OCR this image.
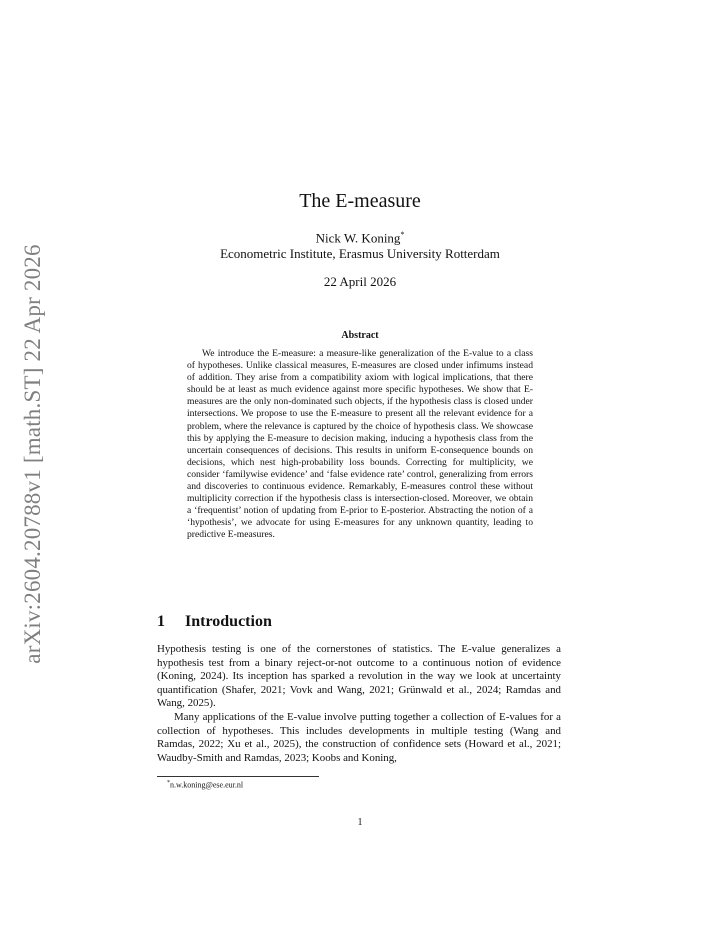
arXiv:2604.20788v1 [math.ST] 22 Apr 2026
The E-measure
Nick W. Koning*
Econometric Institute, Erasmus University Rotterdam
22 April 2026
Abstract

We introduce the E-measure: a measure-like generalization of the E-value to a class of hypotheses. Unlike classical measures, E-measures are closed under infimums instead of addition. They arise from a compatibility axiom with logical implications, that there should be at least as much evidence against more specific hypotheses. We show that E-measures are the only non-dominated such objects, if the hypothesis class is closed under intersections. We propose to use the E-measure to present all the relevant evidence for a problem, where the relevance is captured by the choice of hypothesis class. We showcase this by applying the E-measure to decision making, inducing a hypothesis class from the uncertain consequences of decisions. This results in uniform E-consequence bounds on decisions, which nest high-probability loss bounds. Correcting for multiplicity, we consider ‘familywise evidence’ and ‘false evidence rate’ control, generalizing from errors and discoveries to continuous evidence. Remarkably, E-measures control these without multiplicity correction if the hypothesis class is intersection-closed. Moreover, we obtain a ‘frequentist’ notion of updating from E-prior to E-posterior. Abstracting the notion of a ‘hypothesis’, we advocate for using E-measures for any unknown quantity, leading to predictive E-measures.

1 Introduction

Hypothesis testing is one of the cornerstones of statistics. The E-value generalizes a hypothesis test from a binary reject-or-not outcome to a continuous notion of evidence (Koning, 2024). Its inception has sparked a revolution in the way we look at uncertainty quantification (Shafer, 2021; Vovk and Wang, 2021; Grünwald et al., 2024; Ramdas and Wang, 2025).

Many applications of the E-value involve putting together a collection of E-values for a collection of hypotheses. This includes developments in multiple testing (Wang and Ramdas, 2022; Xu et al., 2025), the construction of confidence sets (Howard et al., 2021; Waudby-Smith and Ramdas, 2023; Koobs and Koning,

*n.w.koning@ese.eur.nl
1
